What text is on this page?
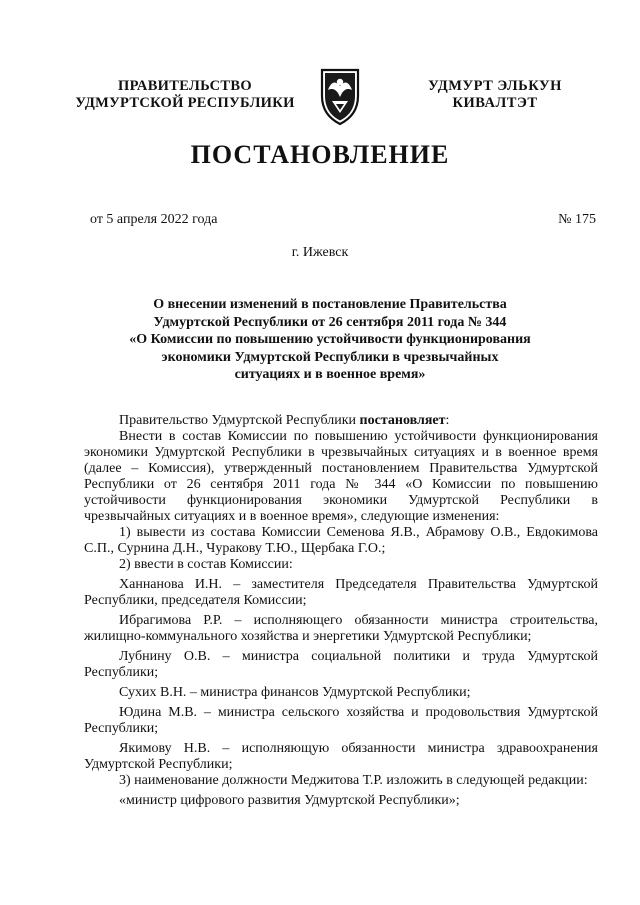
ПРАВИТЕЛЬСТВО
УДМУРТСКОЙ РЕСПУБЛИКИ
УДМУРТ ЭЛЬКУН
КИВАЛТЭТ
ПОСТАНОВЛЕНИЕ
от 5 апреля 2022 года	№ 175
г. Ижевск
О внесении изменений в постановление Правительства
Удмуртской Республики от 26 сентября 2011 года № 344
«О Комиссии по повышению устойчивости функционирования
экономики Удмуртской Республики в чрезвычайных
ситуациях и в военное время»

Правительство Удмуртской Республики постановляет:

Внести в состав Комиссии по повышению устойчивости функционирования экономики Удмуртской Республики в чрезвычайных ситуациях и в военное время (далее – Комиссия), утвержденный постановлением Правительства Удмуртской Республики от 26 сентября 2011 года № 344 «О Комиссии по повышению устойчивости функционирования экономики Удмуртской Республики в чрезвычайных ситуациях и в военное время», следующие изменения:

1) вывести из состава Комиссии Семенова Я.В., Абрамову О.В., Евдокимова С.П., Сурнина Д.Н., Чуракову Т.Ю., Щербака Г.О.;

2) ввести в состав Комиссии:

Ханнанова И.Н. – заместителя Председателя Правительства Удмуртской Республики, председателя Комиссии;

Ибрагимова Р.Р. – исполняющего обязанности министра строительства, жилищно-коммунального хозяйства и энергетики Удмуртской Республики;

Лубнину О.В. – министра социальной политики и труда Удмуртской Республики;

Сухих В.Н. – министра финансов Удмуртской Республики;

Юдина М.В. – министра сельского хозяйства и продовольствия Удмуртской Республики;

Якимову Н.В. – исполняющую обязанности министра здравоохранения Удмуртской Республики;

3) наименование должности Меджитова Т.Р. изложить в следующей редакции:

«министр цифрового развития Удмуртской Республики»;
